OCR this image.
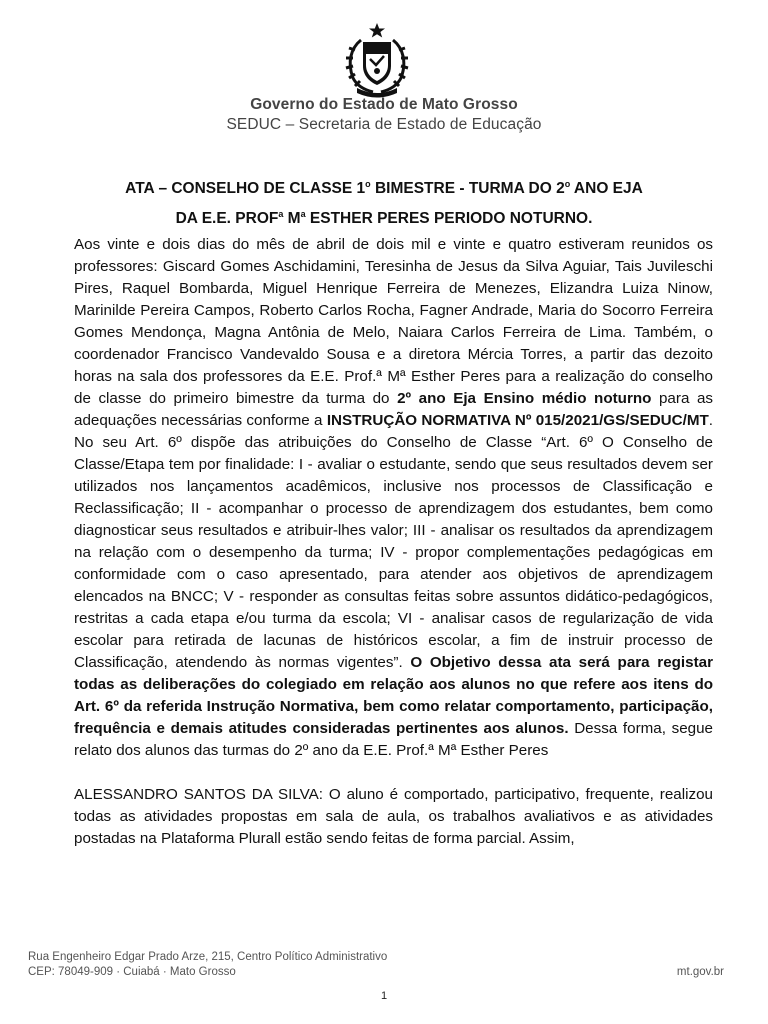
Governo do Estado de Mato Grosso
SEDUC – Secretaria de Estado de Educação
ATA – CONSELHO DE CLASSE 1$^o$ BIMESTRE - TURMA DO 2$^o$ ANO EJA
DA E.E. PROF$^a$ $M^a$ ESTHER PERES PERIODO NOTURNO.

Aos vinte e dois dias do mês de abril de dois mil e vinte e quatro estiveram reunidos os professores: Giscard Gomes Aschidamini, Teresinha de Jesus da Silva Aguiar, Tais Juvileschi Pires, Raquel Bombarda, Miguel Henrique Ferreira de Menezes, Elizandra Luiza Ninow, Marinilde Pereira Campos, Roberto Carlos Rocha, Fagner Andrade, Maria do Socorro Ferreira Gomes Mendonça, Magna Antônia de Melo, Naiara Carlos Ferreira de Lima. Também, o coordenador Francisco Vandevaldo Sousa e a diretora Mércia Torres, a partir das dezoito horas na sala dos professores da E.E. Prof.ª Mª Esther Peres para a realização do conselho de classe do primeiro bimestre da turma do 2º ano Eja Ensino médio noturno para as adequações necessárias conforme a INSTRUÇÃO NORMATIVA Nº 015/2021/GS/SEDUC/MT. No seu Art. 6º dispõe das atribuições do Conselho de Classe “Art. 6º O Conselho de Classe/Etapa tem por finalidade: I - avaliar o estudante, sendo que seus resultados devem ser utilizados nos lançamentos acadêmicos, inclusive nos processos de Classificação e Reclassificação; II - acompanhar o processo de aprendizagem dos estudantes, bem como diagnosticar seus resultados e atribuir-lhes valor; III - analisar os resultados da aprendizagem na relação com o desempenho da turma; IV - propor complementações pedagógicas em conformidade com o caso apresentado, para atender aos objetivos de aprendizagem elencados na BNCC; V - responder as consultas feitas sobre assuntos didático-pedagógicos, restritas a cada etapa e/ou turma da escola; VI - analisar casos de regularização de vida escolar para retirada de lacunas de históricos escolar, a fim de instruir processo de Classificação, atendendo às normas vigentes”. O Objetivo dessa ata será para registar todas as deliberações do colegiado em relação aos alunos no que refere aos itens do Art. 6º da referida Instrução Normativa, bem como relatar comportamento, participação, frequência e demais atitudes consideradas pertinentes aos alunos. Dessa forma, segue relato dos alunos das turmas do 2º ano da E.E. Prof.ª Mª Esther Peres

ALESSANDRO SANTOS DA SILVA: O aluno é comportado, participativo, frequente, realizou todas as atividades propostas em sala de aula, os trabalhos avaliativos e as atividades postadas na Plataforma Plurall estão sendo feitas de forma parcial. Assim,

Rua Engenheiro Edgar Prado Arze, 215, Centro Político Administrativo
CEP: 78049-909 · Cuiabá · Mato Grosso	mt.gov.br
1
